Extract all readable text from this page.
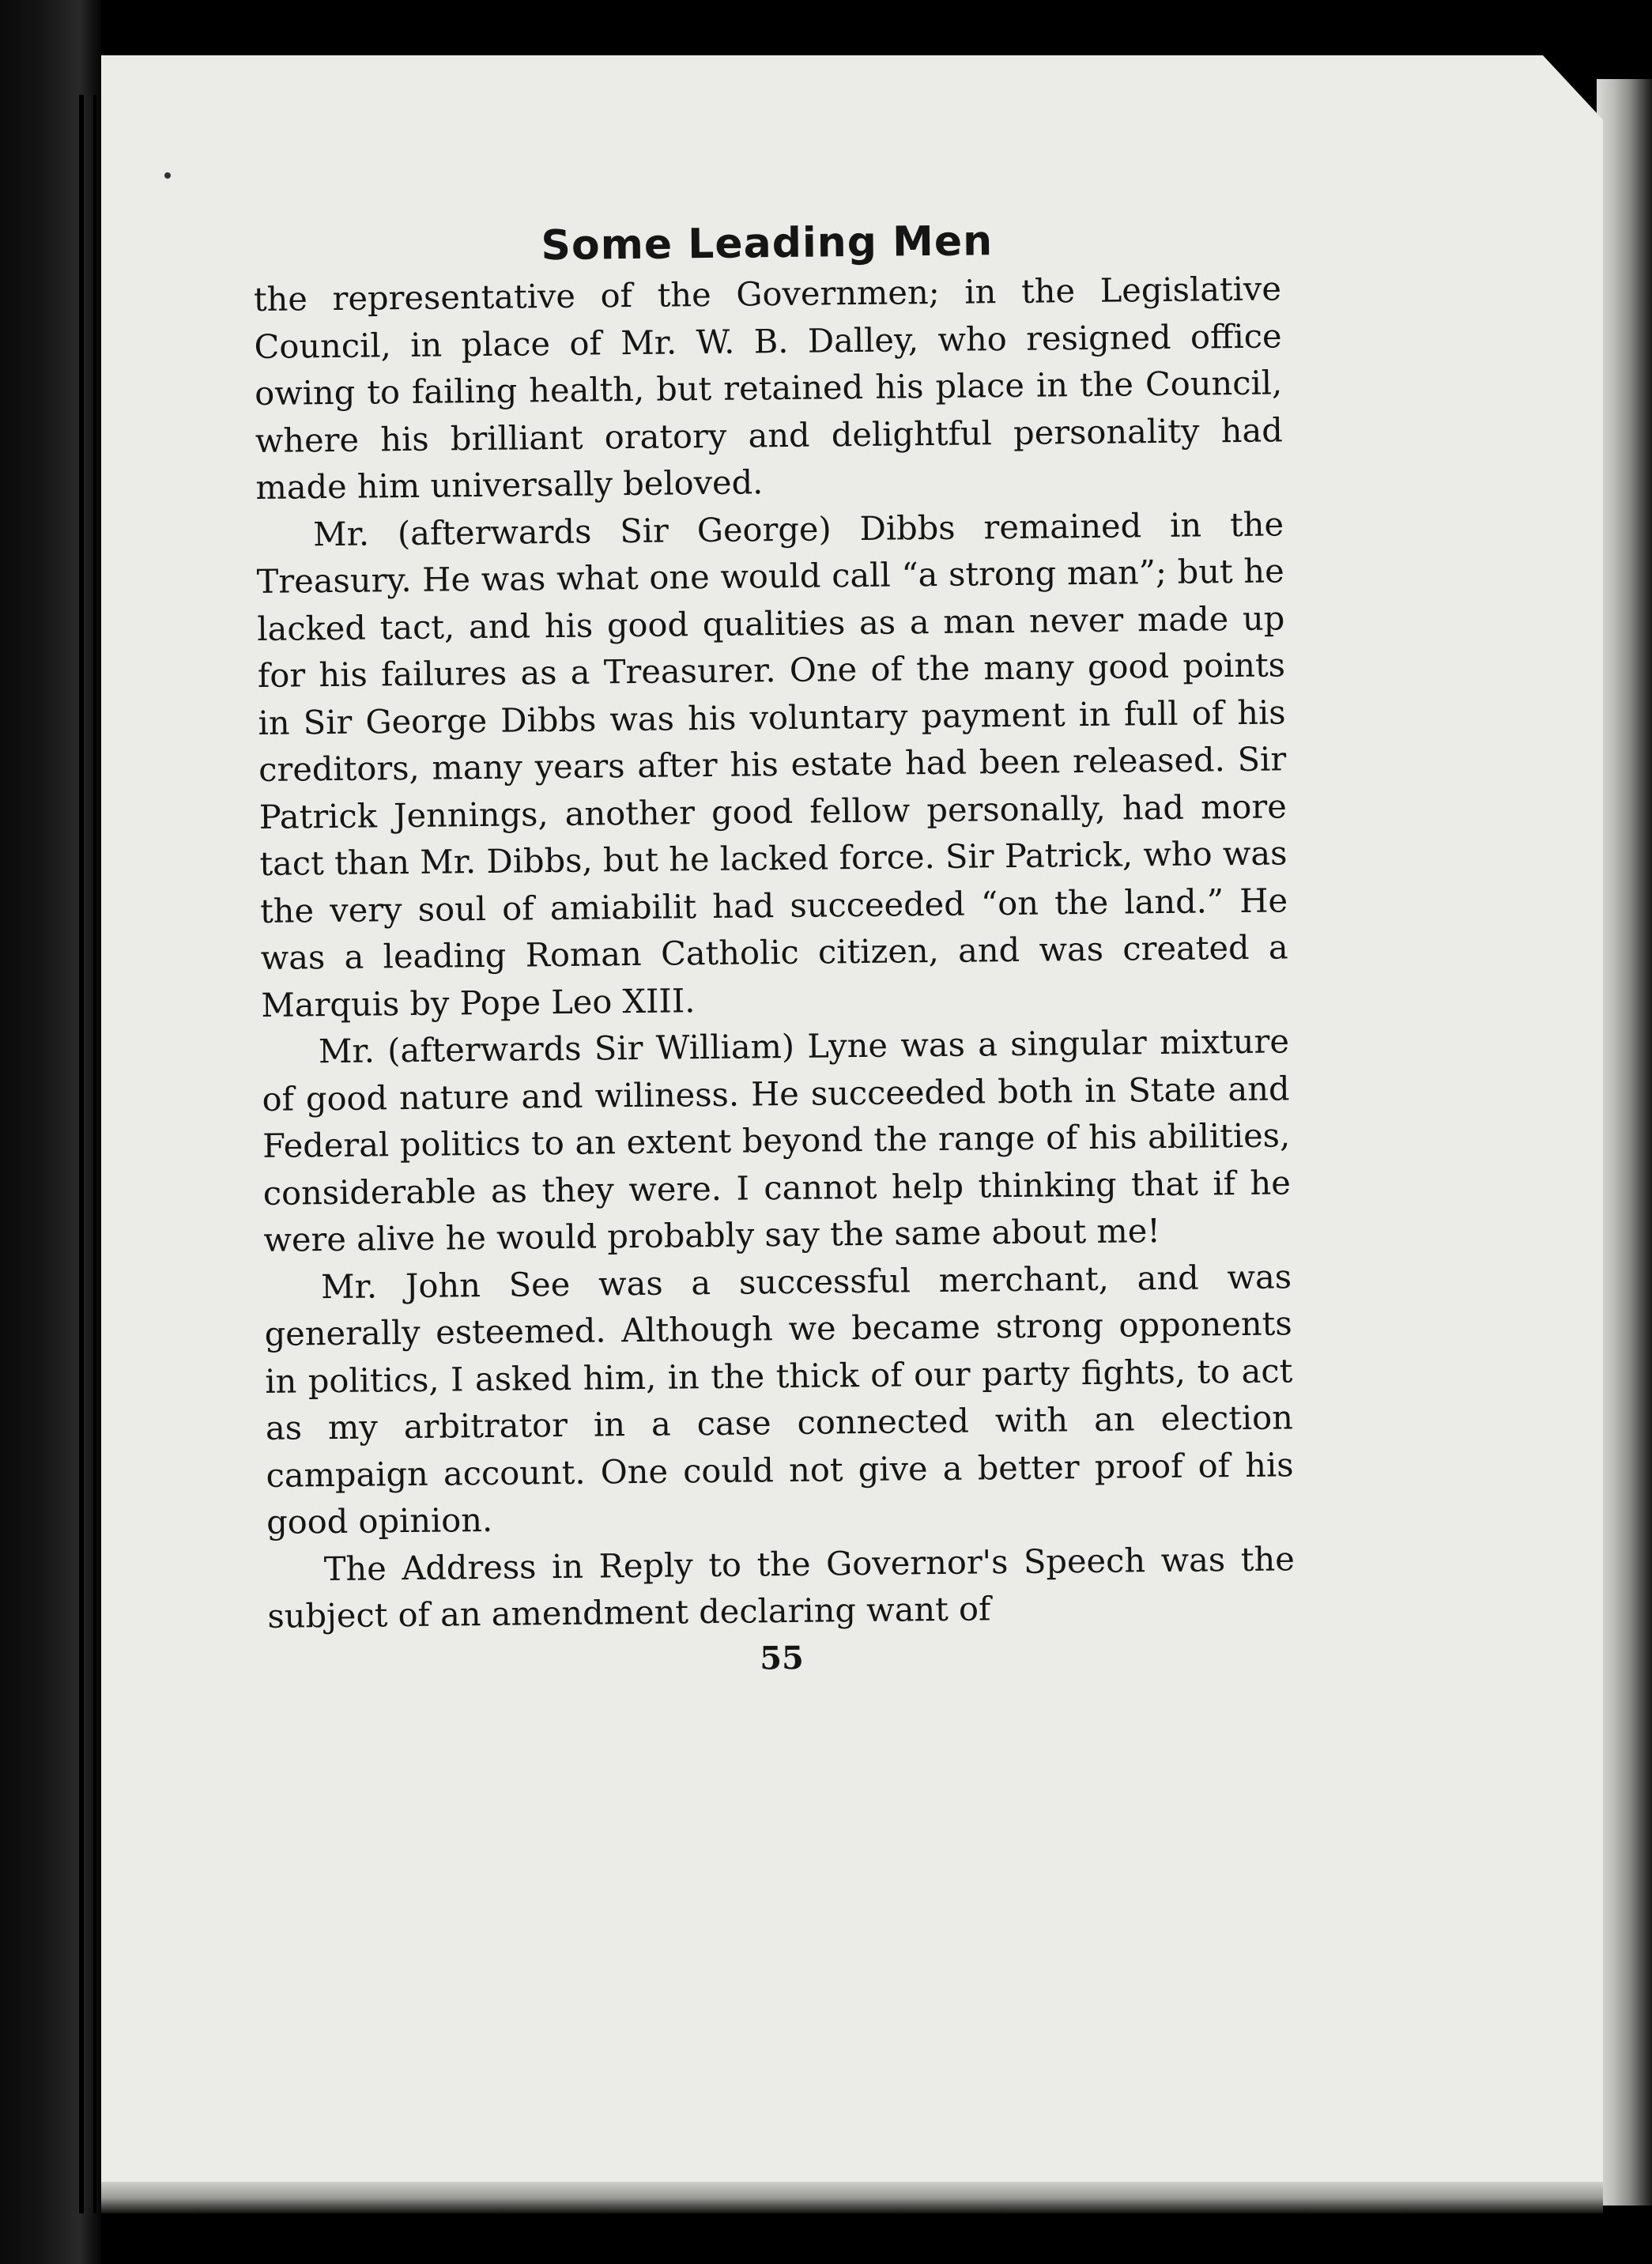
Some Leading Men

the representative of the Governmen; in the Legislative Council, in place of Mr. W. B. Dalley, who resigned office owing to failing health, but retained his place in the Council, where his brilliant oratory and delightful personality had made him universally beloved.

Mr. (afterwards Sir George) Dibbs remained in the Treasury. He was what one would call “a strong man”; but he lacked tact, and his good qualities as a man never made up for his failures as a Treasurer. One of the many good points in Sir George Dibbs was his voluntary payment in full of his creditors, many years after his estate had been released. Sir Patrick Jennings, another good fellow personally, had more tact than Mr. Dibbs, but he lacked force. Sir Patrick, who was the very soul of amiabilit had succeeded “on the land.” He was a leading Roman Catholic citizen, and was created a Marquis by Pope Leo XIII.

Mr. (afterwards Sir William) Lyne was a singular mixture of good nature and wiliness. He succeeded both in State and Federal politics to an extent beyond the range of his abilities, considerable as they were. I cannot help thinking that if he were alive he would probably say the same about me!

Mr. John See was a successful merchant, and was generally esteemed. Although we became strong opponents in politics, I asked him, in the thick of our party fights, to act as my arbitrator in a case connected with an election campaign account. One could not give a better proof of his good opinion.

The Address in Reply to the Governor's Speech was the subject of an amendment declaring want of

55
